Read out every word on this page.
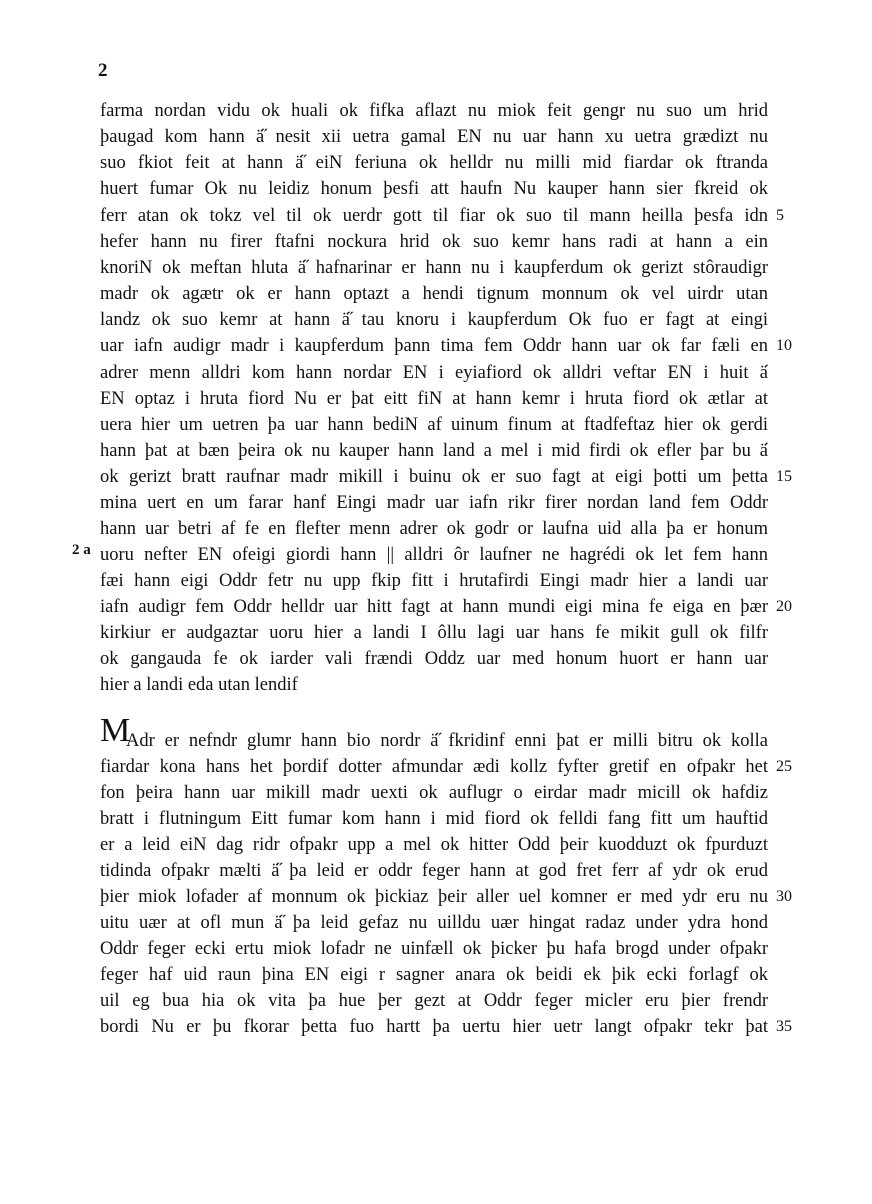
2
2 a
M
farma nordan vidu ok huali ok fifka aflazt nu miok feit gengr nu suo um hrid
þaugad kom hann ä̋ nesit xii uetra gamal EN nu uar hann xu uetra grædizt nu
suo fkiot feit at hann ä̋ eiN feriuna ok helldr nu milli mid fiardar ok ftranda
huert fumar Ok nu leidiz honum þesfi att haufn Nu kauper hann sier fkreid ok
ferr atan ok tokz vel til ok uerdr gott til fiar ok suo til mann heilla þesfa idn
hefer hann nu firer ftafni nockura hrid ok suo kemr hans radi at hann a ein
knoriN ok meftan hluta ä̋ hafnarinar er hann nu i kaupferdum ok gerizt stôraudigr
madr ok agætr ok er hann optazt a hendi tignum monnum ok vel uirdr utan
landz ok suo kemr at hann ä̋ tau knoru i kaupferdum Ok fuo er fagt at eingi
uar iafn audigr madr i kaupferdum þann tima fem Oddr hann uar ok far fæli en
adrer menn alldri kom hann nordar EN i eyiafiord ok alldri veftar EN i huit ä̋
EN optaz i hruta fiord Nu er þat eitt fiN at hann kemr i hruta fiord ok ætlar at
uera hier um uetren þa uar hann bediN af uinum finum at ftadfeftaz hier ok gerdi
hann þat at bæn þeira ok nu kauper hann land a mel i mid firdi ok efler þar bu ä̋
ok gerizt bratt raufnar madr mikill i buinu ok er suo fagt at eigi þotti um þetta
mina uert en um farar hanf Eingi madr uar iafn rikr firer nordan land fem Oddr
hann uar betri af fe en flefter menn adrer ok godr or laufna uid alla þa er honum
uoru nefter EN ofeigi giordi hann || alldri ôr laufner ne hagrédi ok let fem hann
fæi hann eigi Oddr fetr nu upp fkip fitt i hrutafirdi Eingi madr hier a landi uar
iafn audigr fem Oddr helldr uar hitt fagt at hann mundi eigi mina fe eiga en þær
kirkiur er audgaztar uoru hier a landi I ôllu lagi uar hans fe mikit gull ok filfr
ok gangauda fe ok iarder vali frændi Oddz uar med honum huort er hann uar
hier a landi eda utan lendif
Adr er nefndr glumr hann bio nordr ä̋ fkridinf enni þat er milli bitru ok kolla
fiardar kona hans het þordif dotter afmundar ædi kollz fyfter gretif en ofpakr het
fon þeira hann uar mikill madr uexti ok auflugr o eirdar madr micill ok hafdiz
bratt i flutningum Eitt fumar kom hann i mid fiord ok felldi fang fitt um hauftid
er a leid eiN dag ridr ofpakr upp a mel ok hitter Odd þeir kuodduzt ok fpurduzt
tidinda ofpakr mælti ä̋ þa leid er oddr feger hann at god fret ferr af ydr ok erud
þier miok lofader af monnum ok þickiaz þeir aller uel komner er med ydr eru nu
uitu uær at ofl mun ä̋ þa leid gefaz nu uilldu uær hingat radaz under ydra hond
Oddr feger ecki ertu miok lofadr ne uinfæll ok þicker þu hafa brogd under ofpakr
feger haf uid raun þina EN eigi r sagner anara ok beidi ek þik ecki forlagf ok
uil eg bua hia ok vita þa hue þer gezt at Oddr feger micler eru þier frendr
bordi Nu er þu fkorar þetta fuo hartt þa uertu hier uetr langt ofpakr tekr þat
5
10
15
20
25
30
35
